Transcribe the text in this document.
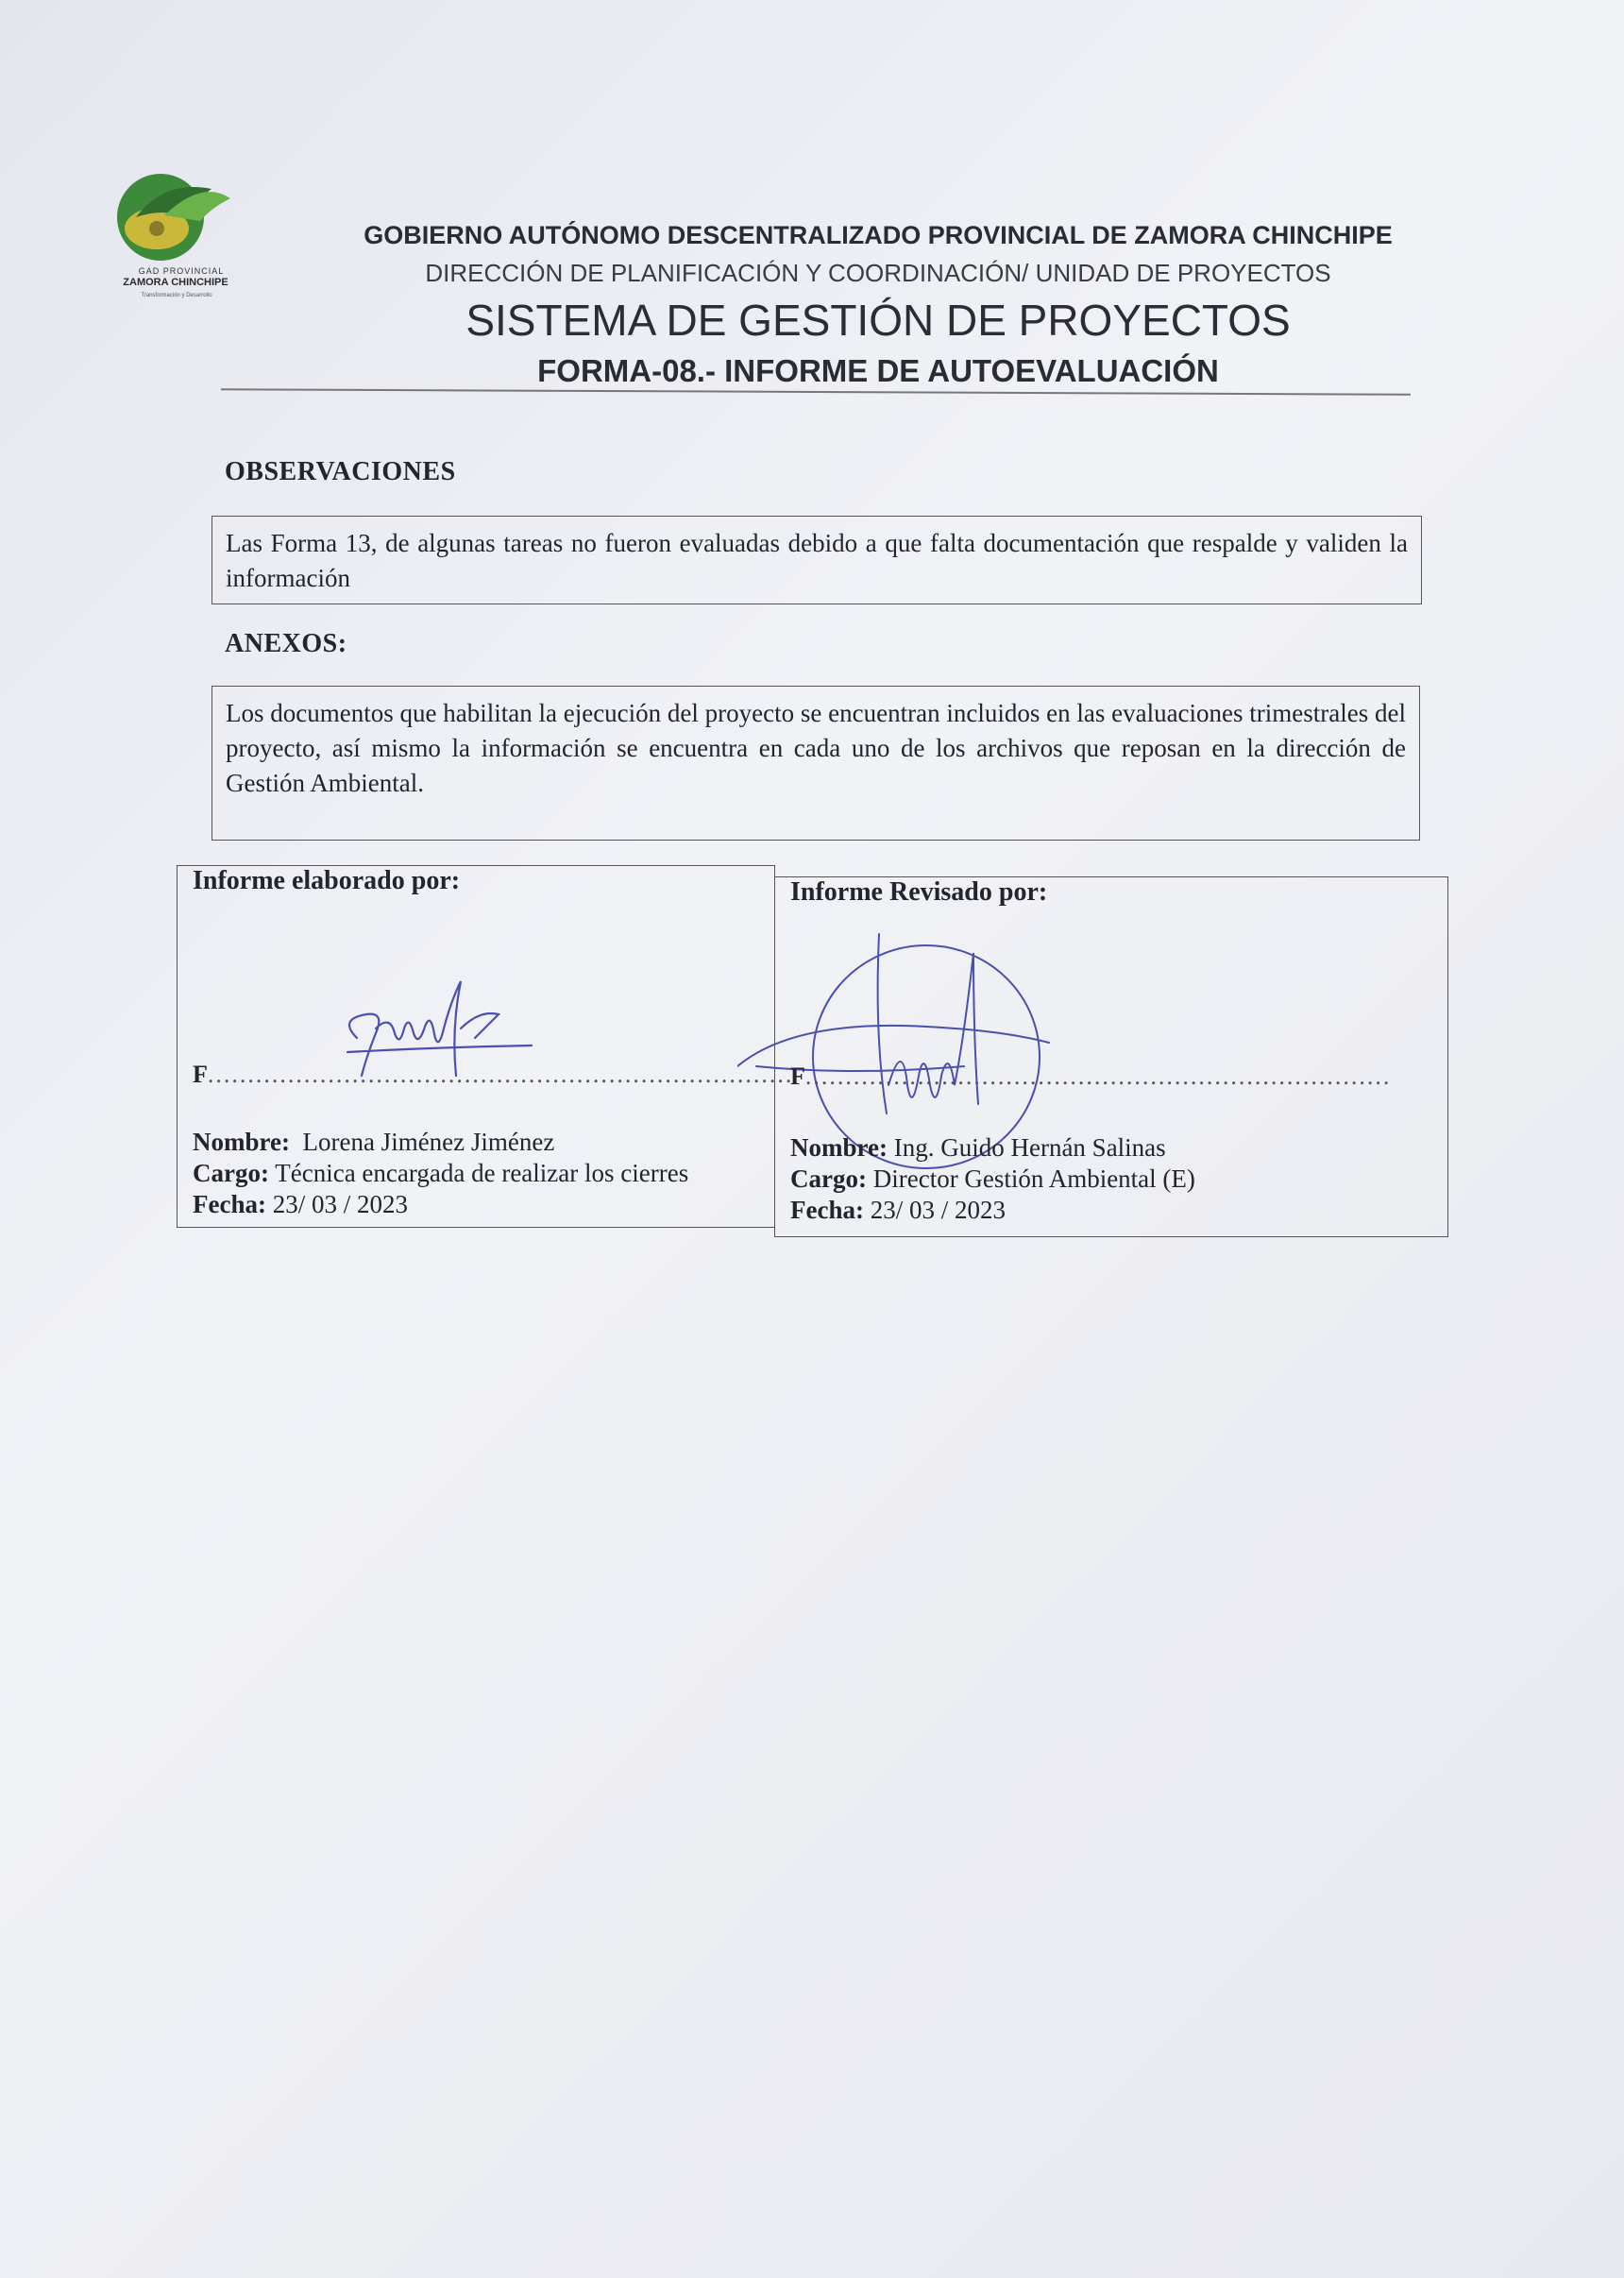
GAD PROVINCIAL
ZAMORA CHINCHIPE
Transformación y Desarrollo
GOBIERNO AUTÓNOMO DESCENTRALIZADO PROVINCIAL DE ZAMORA CHINCHIPE
DIRECCIÓN DE PLANIFICACIÓN Y COORDINACIÓN/ UNIDAD DE PROYECTOS
SISTEMA DE GESTIÓN DE PROYECTOS
FORMA-08.- INFORME DE AUTOEVALUACIÓN
OBSERVACIONES

Las Forma 13, de algunas tareas no fueron evaluadas debido a que falta documentación que respalde y validen la información

ANEXOS:

Los documentos que habilitan la ejecución del proyecto se encuentran incluidos en las evaluaciones trimestrales del proyecto, así mismo la información se encuentra en cada uno de los archivos que reposan en la dirección de Gestión Ambiental.

Informe elaborado por:
F.........................................................................
Nombre: Lorena Jiménez Jiménez
Cargo: Técnica encargada de realizar los cierres
Fecha: 23/ 03 / 2023
Informe Revisado por:
F.........................................................................
Nombre: Ing. Guido Hernán Salinas
Cargo: Director Gestión Ambiental (E)
Fecha: 23/ 03 / 2023
